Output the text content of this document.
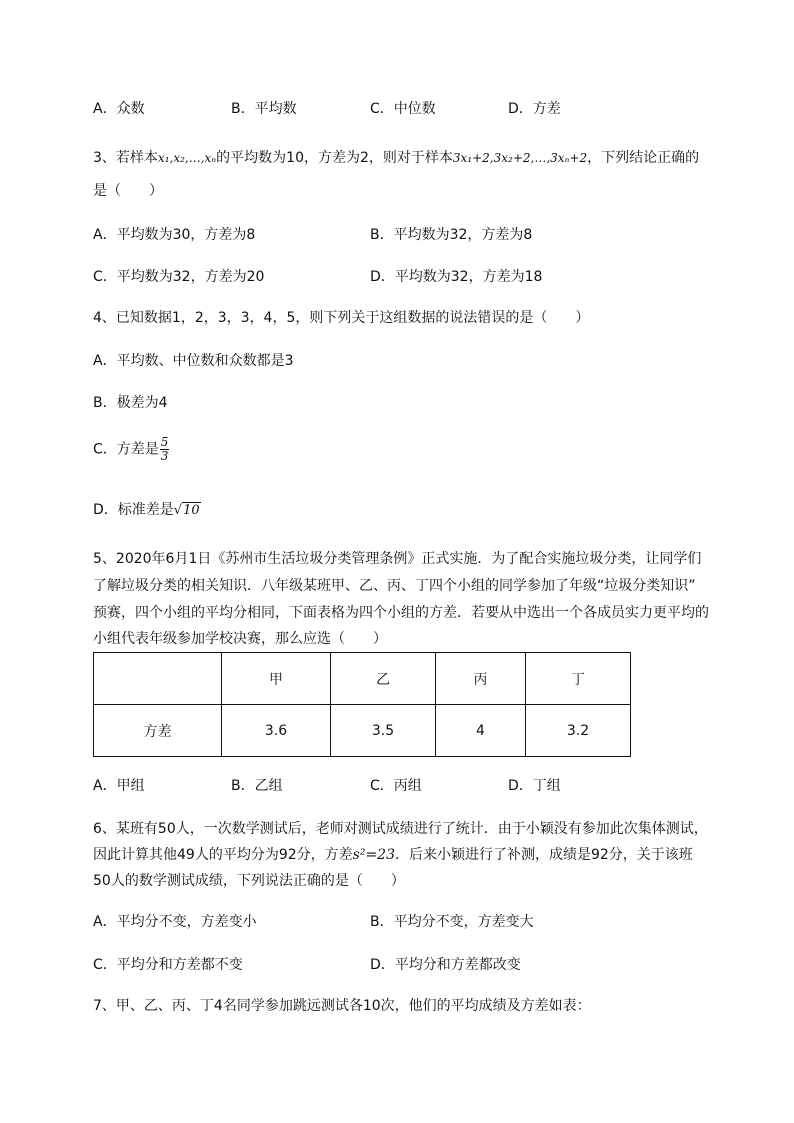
A．众数	B．平均数	C．中位数	D．方差
3、若样本x₁,x₂,…,xₙ的平均数为10，方差为2，则对于样本3x₁+2,3x₂+2,…,3xₙ+2，下列结论正确的
是（　　）
A．平均数为30，方差为8	B．平均数为32，方差为8
C．平均数为32，方差为20	D．平均数为32，方差为18
4、已知数据1，2，3，3，4，5，则下列关于这组数据的说法错误的是（　　）
A．平均数、中位数和众数都是3
B．极差为4
C．方差是 $\frac{5}{3}$
D．标准差是√10
5、2020年6月1日《苏州市生活垃圾分类管理条例》正式实施．为了配合实施垃圾分类，让同学们
了解垃圾分类的相关知识．八年级某班甲、乙、丙、丁四个小组的同学参加了年级“垃圾分类知识”
预赛，四个小组的平均分相同，下面表格为四个小组的方差．若要从中选出一个各成员实力更平均的
小组代表年级参加学校决赛，那么应选（　　）
	甲	乙	丙	丁
方差	3.6	3.5	4	3.2
A．甲组	B．乙组	C．丙组	D．丁组
6、某班有50人，一次数学测试后，老师对测试成绩进行了统计．由于小颖没有参加此次集体测试，
因此计算其他49人的平均分为92分，方差s²=23．后来小颖进行了补测，成绩是92分，关于该班
50人的数学测试成绩，下列说法正确的是（　　）
A．平均分不变，方差变小	B．平均分不变，方差变大
C．平均分和方差都不变	D．平均分和方差都改变
7、甲、乙、丙、丁4名同学参加跳远测试各10次，他们的平均成绩及方差如表：
